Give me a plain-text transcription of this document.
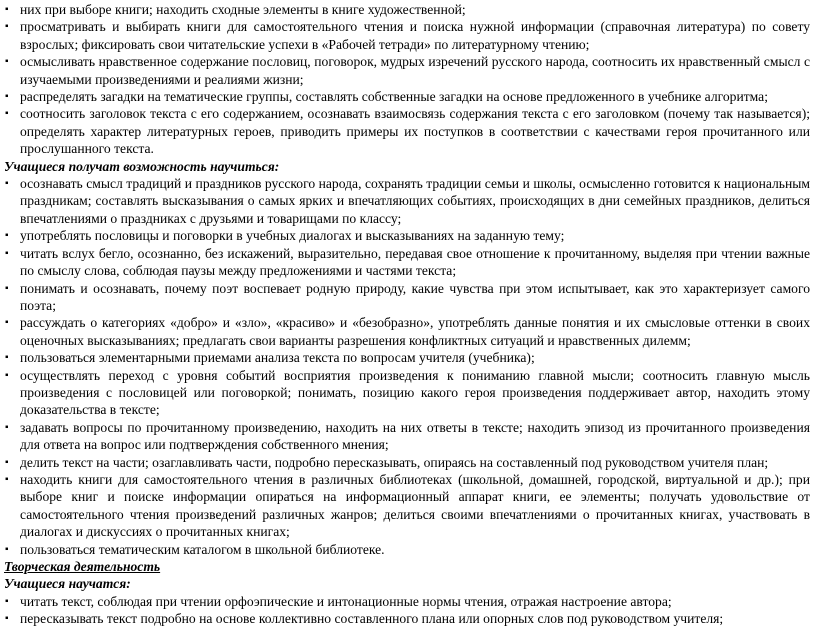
▪ них при выборе книги; находить сходные элементы в книге художественной;
▪ просматривать и выбирать книги для самостоятельного чтения и поиска нужной информации (справочная литература) по совету взрослых; фиксировать свои читательские успехи в «Рабочей тетради» по литературному чтению;
▪ осмысливать нравственное содержание пословиц, поговорок, мудрых изречений русского народа, соотносить их нравственный смысл с изучаемыми произведениями и реалиями жизни;
▪ распределять загадки на тематические группы, составлять собственные загадки на основе предложенного в учебнике алгоритма;
▪ соотносить заголовок текста с его содержанием, осознавать взаимосвязь содержания текста с его заголовком (почему так называется); определять характер литературных героев, приводить примеры их поступков в соответствии с качествами героя прочитанного или прослушанного текста.
Учащиеся получат возможность научиться:
▪ осознавать смысл традиций и праздников русского народа, сохранять традиции семьи и школы, осмысленно готовится к национальным праздникам; составлять высказывания о самых ярких и впечатляющих событиях, происходящих в дни семейных праздников, делиться впечатлениями о праздниках с друзьями и товарищами по классу;
▪ употреблять пословицы и поговорки в учебных диалогах и высказываниях на заданную тему;
▪ читать вслух бегло, осознанно, без искажений, выразительно, передавая свое отношение к прочитанному, выделяя при чтении важные по смыслу слова, соблюдая паузы между предложениями и частями текста;
▪ понимать и осознавать, почему поэт воспевает родную природу, какие чувства при этом испытывает, как это характеризует самого поэта;
▪ рассуждать о категориях «добро» и «зло», «красиво» и «безобразно», употреблять данные понятия и их смысловые оттенки в своих оценочных высказываниях; предлагать свои варианты разрешения конфликтных ситуаций и нравственных дилемм;
▪ пользоваться элементарными приемами анализа текста по вопросам учителя (учебника);
▪ осуществлять переход с уровня событий восприятия произведения к пониманию главной мысли; соотносить главную мысль произведения с пословицей или поговоркой; понимать, позицию какого героя произведения поддерживает автор, находить этому доказательства в тексте;
▪ задавать вопросы по прочитанному произведению, находить на них ответы в тексте; находить эпизод из прочитанного произведения для ответа на вопрос или подтверждения собственного мнения;
▪ делить текст на части; озаглавливать части, подробно пересказывать, опираясь на составленный под руководством учителя план;
▪ находить книги для самостоятельного чтения в различных библиотеках (школьной, домашней, городской, виртуальной и др.); при выборе книг и поиске информации опираться на информационный аппарат книги, ее элементы; получать удовольствие от самостоятельного чтения произведений различных жанров; делиться своими впечатлениями о прочитанных книгах, участвовать в диалогах и дискуссиях о прочитанных книгах;
▪ пользоваться тематическим каталогом в школьной библиотеке.
Творческая деятельность
Учащиеся научатся:
▪ читать текст, соблюдая при чтении орфоэпические и интонационные нормы чтения, отражая настроение автора;
▪ пересказывать текст подробно на основе коллективно составленного плана или опорных слов под руководством учителя;
